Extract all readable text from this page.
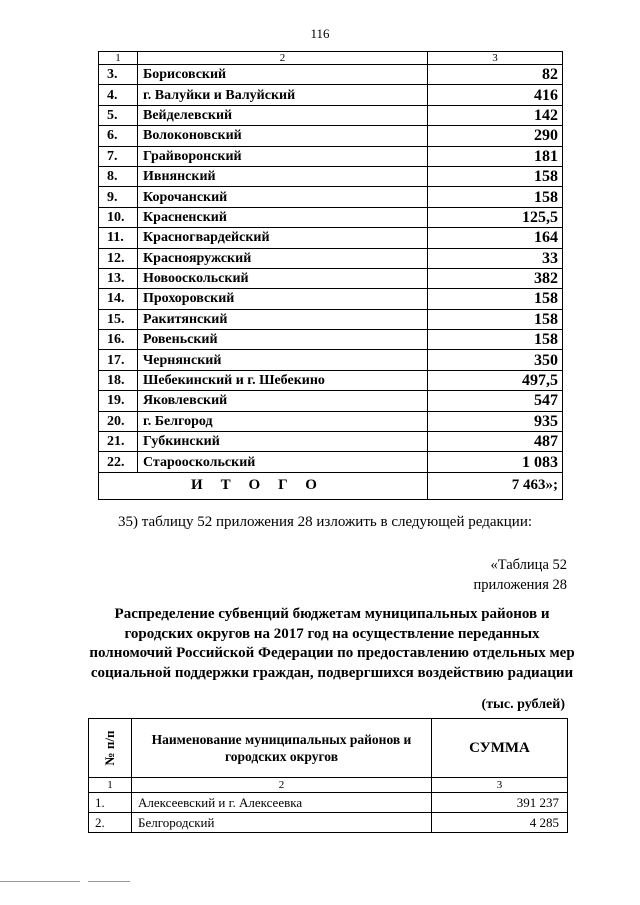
116
1	2	3
3.	Борисовский	82
4.	г. Валуйки и Валуйский	416
5.	Вейделевский	142
6.	Волоконовский	290
7.	Грайворонский	181
8.	Ивнянский	158
9.	Корочанский	158
10.	Красненский	125,5
11.	Красногвардейский	164
12.	Краснояружский	33
13.	Новооскольский	382
14.	Прохоровский	158
15.	Ракитянский	158
16.	Ровеньский	158
17.	Чернянский	350
18.	Шебекинский и г. Шебекино	497,5
19.	Яковлевский	547
20.	г. Белгород	935
21.	Губкинский	487
22.	Старооскольский	1 083
ИТОГО		7 463»;
35) таблицу 52 приложения 28 изложить в следующей редакции:
«Таблица 52
приложения 28
Распределение субвенций бюджетам муниципальных районов и городских округов на 2017 год на осуществление переданных полномочий Российской Федерации по предоставлению отдельных мер социальной поддержки граждан, подвергшихся воздействию радиации
(тыс. рублей)
№ п/п	Наименование муниципальных районов и городских округов	СУММА
1	2	3
1.	Алексеевский и г. Алексеевка	391 237
2.	Белгородский	4 285
